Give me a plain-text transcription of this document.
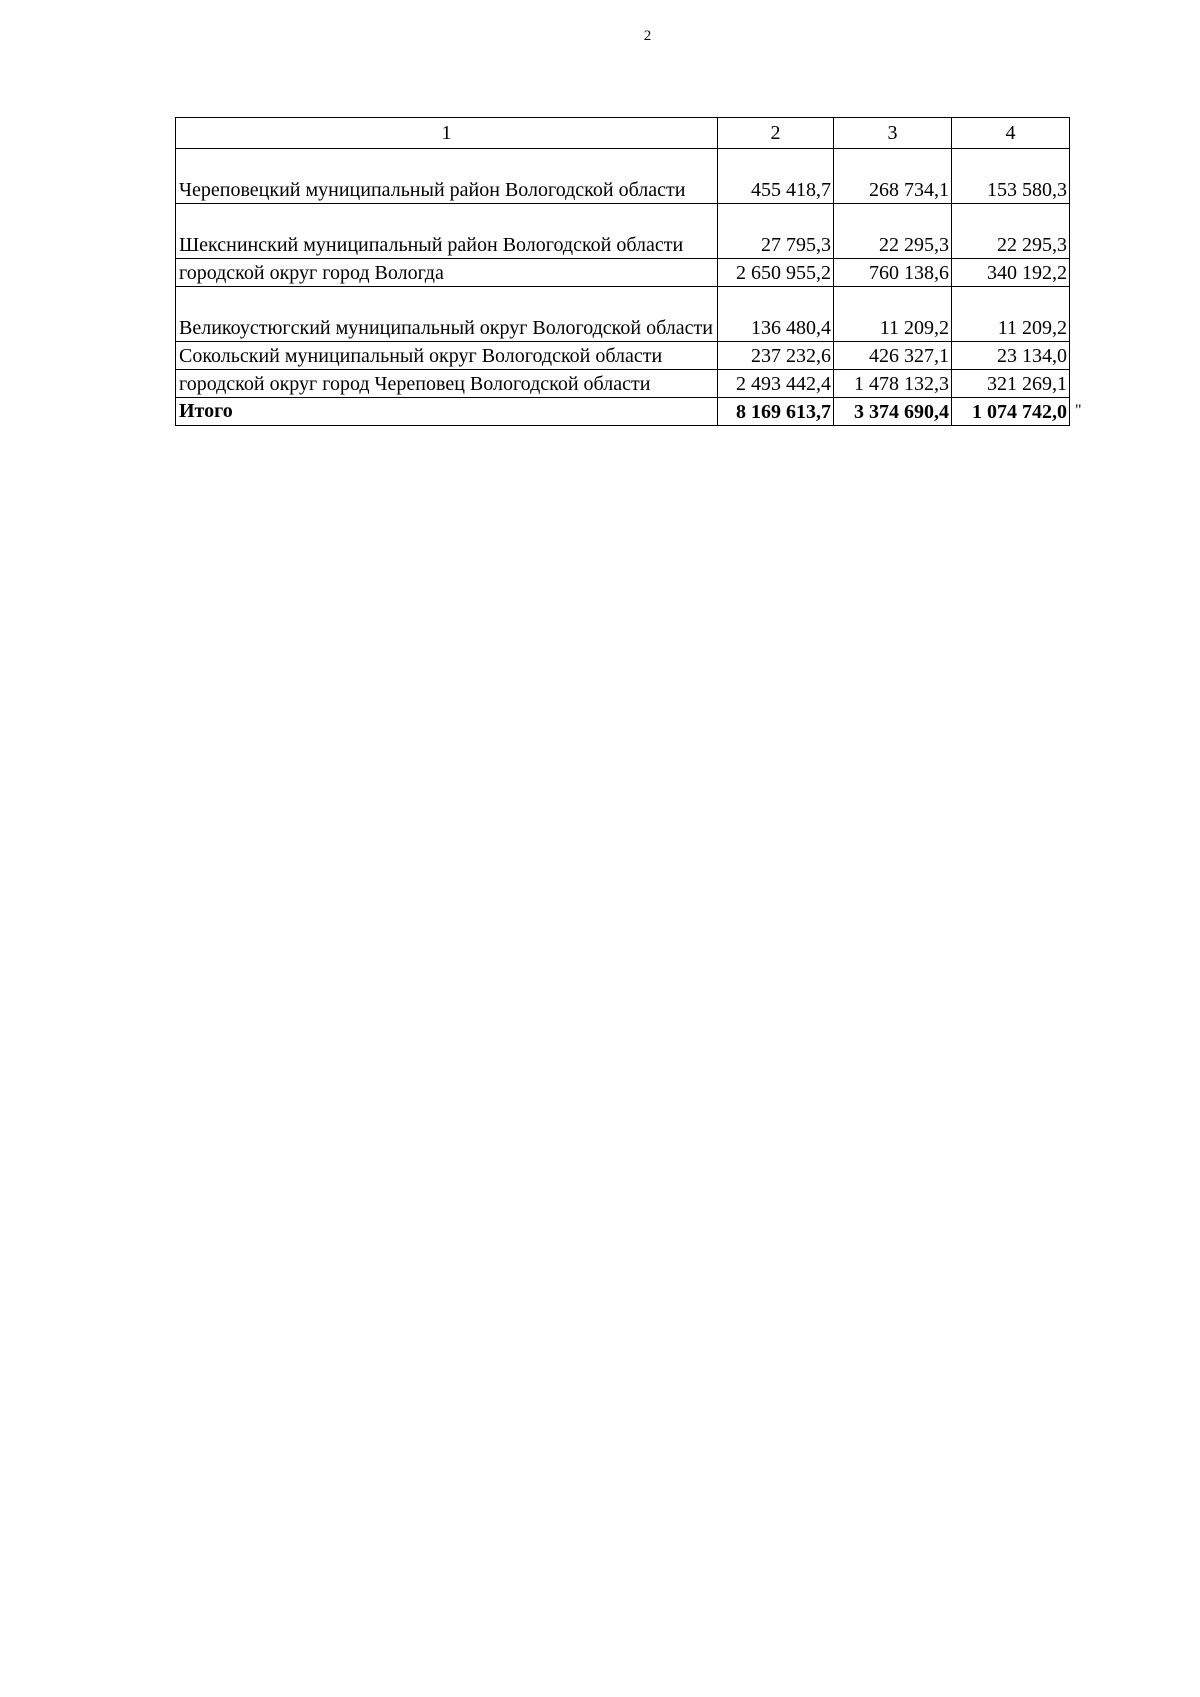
2
1	2	3	4
Череповецкий муниципальный район Вологодской области	455 418,7	268 734,1	153 580,3
Шекснинский муниципальный район Вологодской области	27 795,3	22 295,3	22 295,3
городской округ город Вологда	2 650 955,2	760 138,6	340 192,2
Великоустюгский муниципальный округ Вологодской области	136 480,4	11 209,2	11 209,2
Сокольский муниципальный округ Вологодской области	237 232,6	426 327,1	23 134,0
городской округ город Череповец Вологодской области	2 493 442,4	1 478 132,3	321 269,1
Итого	8 169 613,7	3 374 690,4	1 074 742,0 "
